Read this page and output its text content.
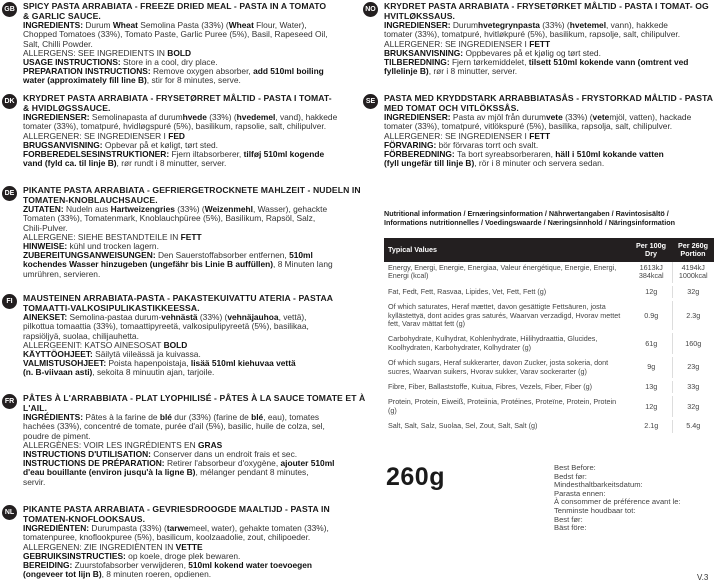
GB SPICY PASTA ARRABIATA - FREEZE DRIED MEAL - PASTA IN A TOMATO
& GARLIC SAUCE.
INGREDIENTS: Durum Wheat Semolina Pasta (33%) (Wheat Flour, Water),
Chopped Tomatoes (33%), Tomato Paste, Garlic Puree (5%), Basil, Rapeseed Oil,
Salt, Chilli Powder.
ALLERGENS: SEE INGREDIENTS IN BOLD
USAGE INSTRUCTIONS: Store in a cool, dry place.
PREPARATION INSTRUCTIONS: Remove oxygen absorber, add 510ml boiling
water (approximately fill line B), stir for 8 minutes, serve.
DK KRYDRET PASTA ARRABIATA - FRYSETØRRET MÅLTID - PASTA I TOMAT-
& HVIDLØGSSAUCE.
INGREDIENSER: Semolinapasta af durumhvede (33%) (hvedemel, vand), hakkede
tomater (33%), tomatpuré, hvidløgspuré (5%), basilikum, rapsolie, salt, chilipulver.
ALLERGENER: SE INGREDIENSER I FED
BRUGSANVISNING: Opbevar på et køligt, tørt sted.
FORBEREDELSESINSTRUKTIONER: Fjern iltabsorberer, tilføj 510ml kogende
vand (fyld ca. til linje B), rør rundt i 8 minutter, server.
DE	PIKANTE PASTA ARRABIATA - GEFRIERGETROCKNETE MAHLZEIT - NUDELN IN
TOMATEN-KNOBLAUCHSAUCE.
ZUTATEN: Nudeln aus Hartweizengries (33%) (Weizenmehl, Wasser), gehackte
Tomaten (33%), Tomatenmark, Knoblauchpüree (5%), Basilikum, Rapsöl, Salz,
Chili-Pulver.
ALLERGENE: SIEHE BESTANDTEILE IN FETT
HINWEISE: kühl und trocken lagern.
ZUBEREITUNGSANWEISUNGEN: Den Sauerstoffabsorber entfernen, 510ml
kochendes Wasser hinzugeben (ungefähr bis Linie B auffüllen), 8 Minuten lang
umrühren, servieren.
FI	MAUSTEINEN ARRABIATA-PASTA - PAKASTEKUIVATTU ATERIA - PASTAA
TOMAATTI-VALKOSIPULIKASTIKKEESSA.
AINEKSET: Semolina-pastaa durum-vehnästä (33%) (vehnäjauhoa, vettä),
pilkottua tomaattia (33%), tomaattipyreetä, valkosipulipyreetä (5%), basilikaa,
rapsiöljyä, suolaa, chilijauhetta.
ALLERGEENIT: KATSO AINESOSAT BOLD
KÄYTTÖOHJEET: Säilytä viileässä ja kuivassa.
VALMISTUSOHJEET: Poista hapenpoistaja, lisää 510ml kiehuvaa vettä
(n. B-viivaan asti), sekoita 8 minuutin ajan, tarjoile.
FR	PÂTES À L'ARRABBIATA - PLAT LYOPHILISÉ - PÂTES À LA SAUCE TOMATE ET À
L'AIL.
INGRÉDIENTS: Pâtes à la farine de blé dur (33%) (farine de blé, eau), tomates
hachées (33%), concentré de tomate, purée d'ail (5%), basilic, huile de colza, sel,
poudre de piment.
ALLERGÈNES: VOIR LES INGRÉDIENTS EN GRAS
INSTRUCTIONS D'UTILISATION: Conserver dans un endroit frais et sec.
INSTRUCTIONS DE PRÉPARATION: Retirer l'absorbeur d'oxygène, ajouter 510ml
d'eau bouillante (environ jusqu'à la ligne B), mélanger pendant 8 minutes,
servir.
NL	PIKANTE PASTA ARRABIATA - GEVRIESDROOGDE MAALTIJD - PASTA IN
TOMATEN-KNOFLOOKSAUS.
INGREDIËNTEN: Durumpasta (33%) (tarwemeel, water), gehakte tomaten (33%),
tomatenpuree, knoflookpuree (5%), basilicum, koolzaadolie, zout, chilipoeder.
ALLERGENEN: ZIE INGREDIËNTEN IN VETTE
GEBRUIKSINSTRUCTIES: op koele, droge plek bewaren.
BEREIDING: Zuurstofabsorber verwijderen, 510ml kokend water toevoegen
(ongeveer tot lijn B), 8 minuten roeren, opdienen.
NO KRYDRET PASTA ARRABIATA - FRYSETØRKET MÅLTID - PASTA I TOMAT- OG
HVITLØKSSAUS.
INGREDIENSER: Durumhvetegrynpasta (33%) (hvetemel, vann), hakkede
tomater (33%), tomatpuré, hvitløkpuré (5%), basilikum, rapsolje, salt, chilipulver.
ALLERGENER: SE INGREDIENSER I FETT
BRUKSANVISNING: Oppbevares på et kjølig og tørt sted.
TILBEREDNING: Fjern tørkemiddelet, tilsett 510ml kokende vann (omtrent ved
fyllelinje B), rør i 8 minutter, server.
SE	PASTA MED KRYDDSTARK ARRABBIATASÅS - FRYSTORKAD MÅLTID - PASTA
MED TOMAT OCH VITLÖKSSÅS.
INGREDIENSER: Pasta av mjöl från durumvete (33%) (vetemjöl, vatten), hackade
tomater (33%), tomatpuré, vitlökspuré (5%), basilika, rapsolja, salt, chilipulver.
ALLERGENER: SE INGREDIENSER I FETT
FÖRVARING: bör förvaras torrt och svalt.
FÖRBEREDNING: Ta bort syreabsorberaren, häll i 510ml kokande vatten
(fyll ungefär till linje B), rör i 8 minuter och servera sedan.
Nutritional information / Ernæringsinformation / Nährwertangaben / Ravintosisältö /
Informations nutritionnelles / Voedingswaarde / Næringsinnhold / Näringsinformation
Typical Values	Per 100g Dry	Per 260g Portion
Energy, Energi, Energie, Energiaa, Valeur énergétique, Energie, Energi, Energi (kcal)	1613kJ 384kcal	4194kJ 1000kcal
Fat, Fedt, Fett, Rasvaa, Lipides, Vet, Fett, Fett (g)	12g	32g
Of which saturates, Heraf mættet, davon gesättigte Fettsäuren, josta kyllästettyä, dont acides gras saturés, Waarvan verzadigd, Hvorav mettet fett, Varav mättat fett (g)	0.9g	2.3g
Carbohydrate, Kulhydrat, Kohlenhydrate, Hiilihydraattia, Glucides, Koolhydraten, Karbohydrater, Kolhydrater (g)	61g	160g
Of which sugars, Heraf sukkerarter, davon Zucker, josta sokeria, dont sucres, Waarvan suikers, Hvorav sukker, Varav sockerarter (g)	9g	23g
Fibre, Fiber, Ballaststoffe, Kuitua, Fibres, Vezels, Fiber, Fiber (g)	13g	33g
Protein, Protein, Eiweiß, Proteiinia, Protéines, Proteïne, Protein, Protein (g)	12g	32g
Salt, Salt, Salz, Suolaa, Sel, Zout, Salt, Salt (g)	2.1g	5.4g
260g	Best Before:
Bedst før:
Mindesthaltbarkeitsdatum:
Parasta ennen:
À consommer de préférence avant le:
Tenminste houdbaar tot:
Best før:
Bäst före:
V.3
